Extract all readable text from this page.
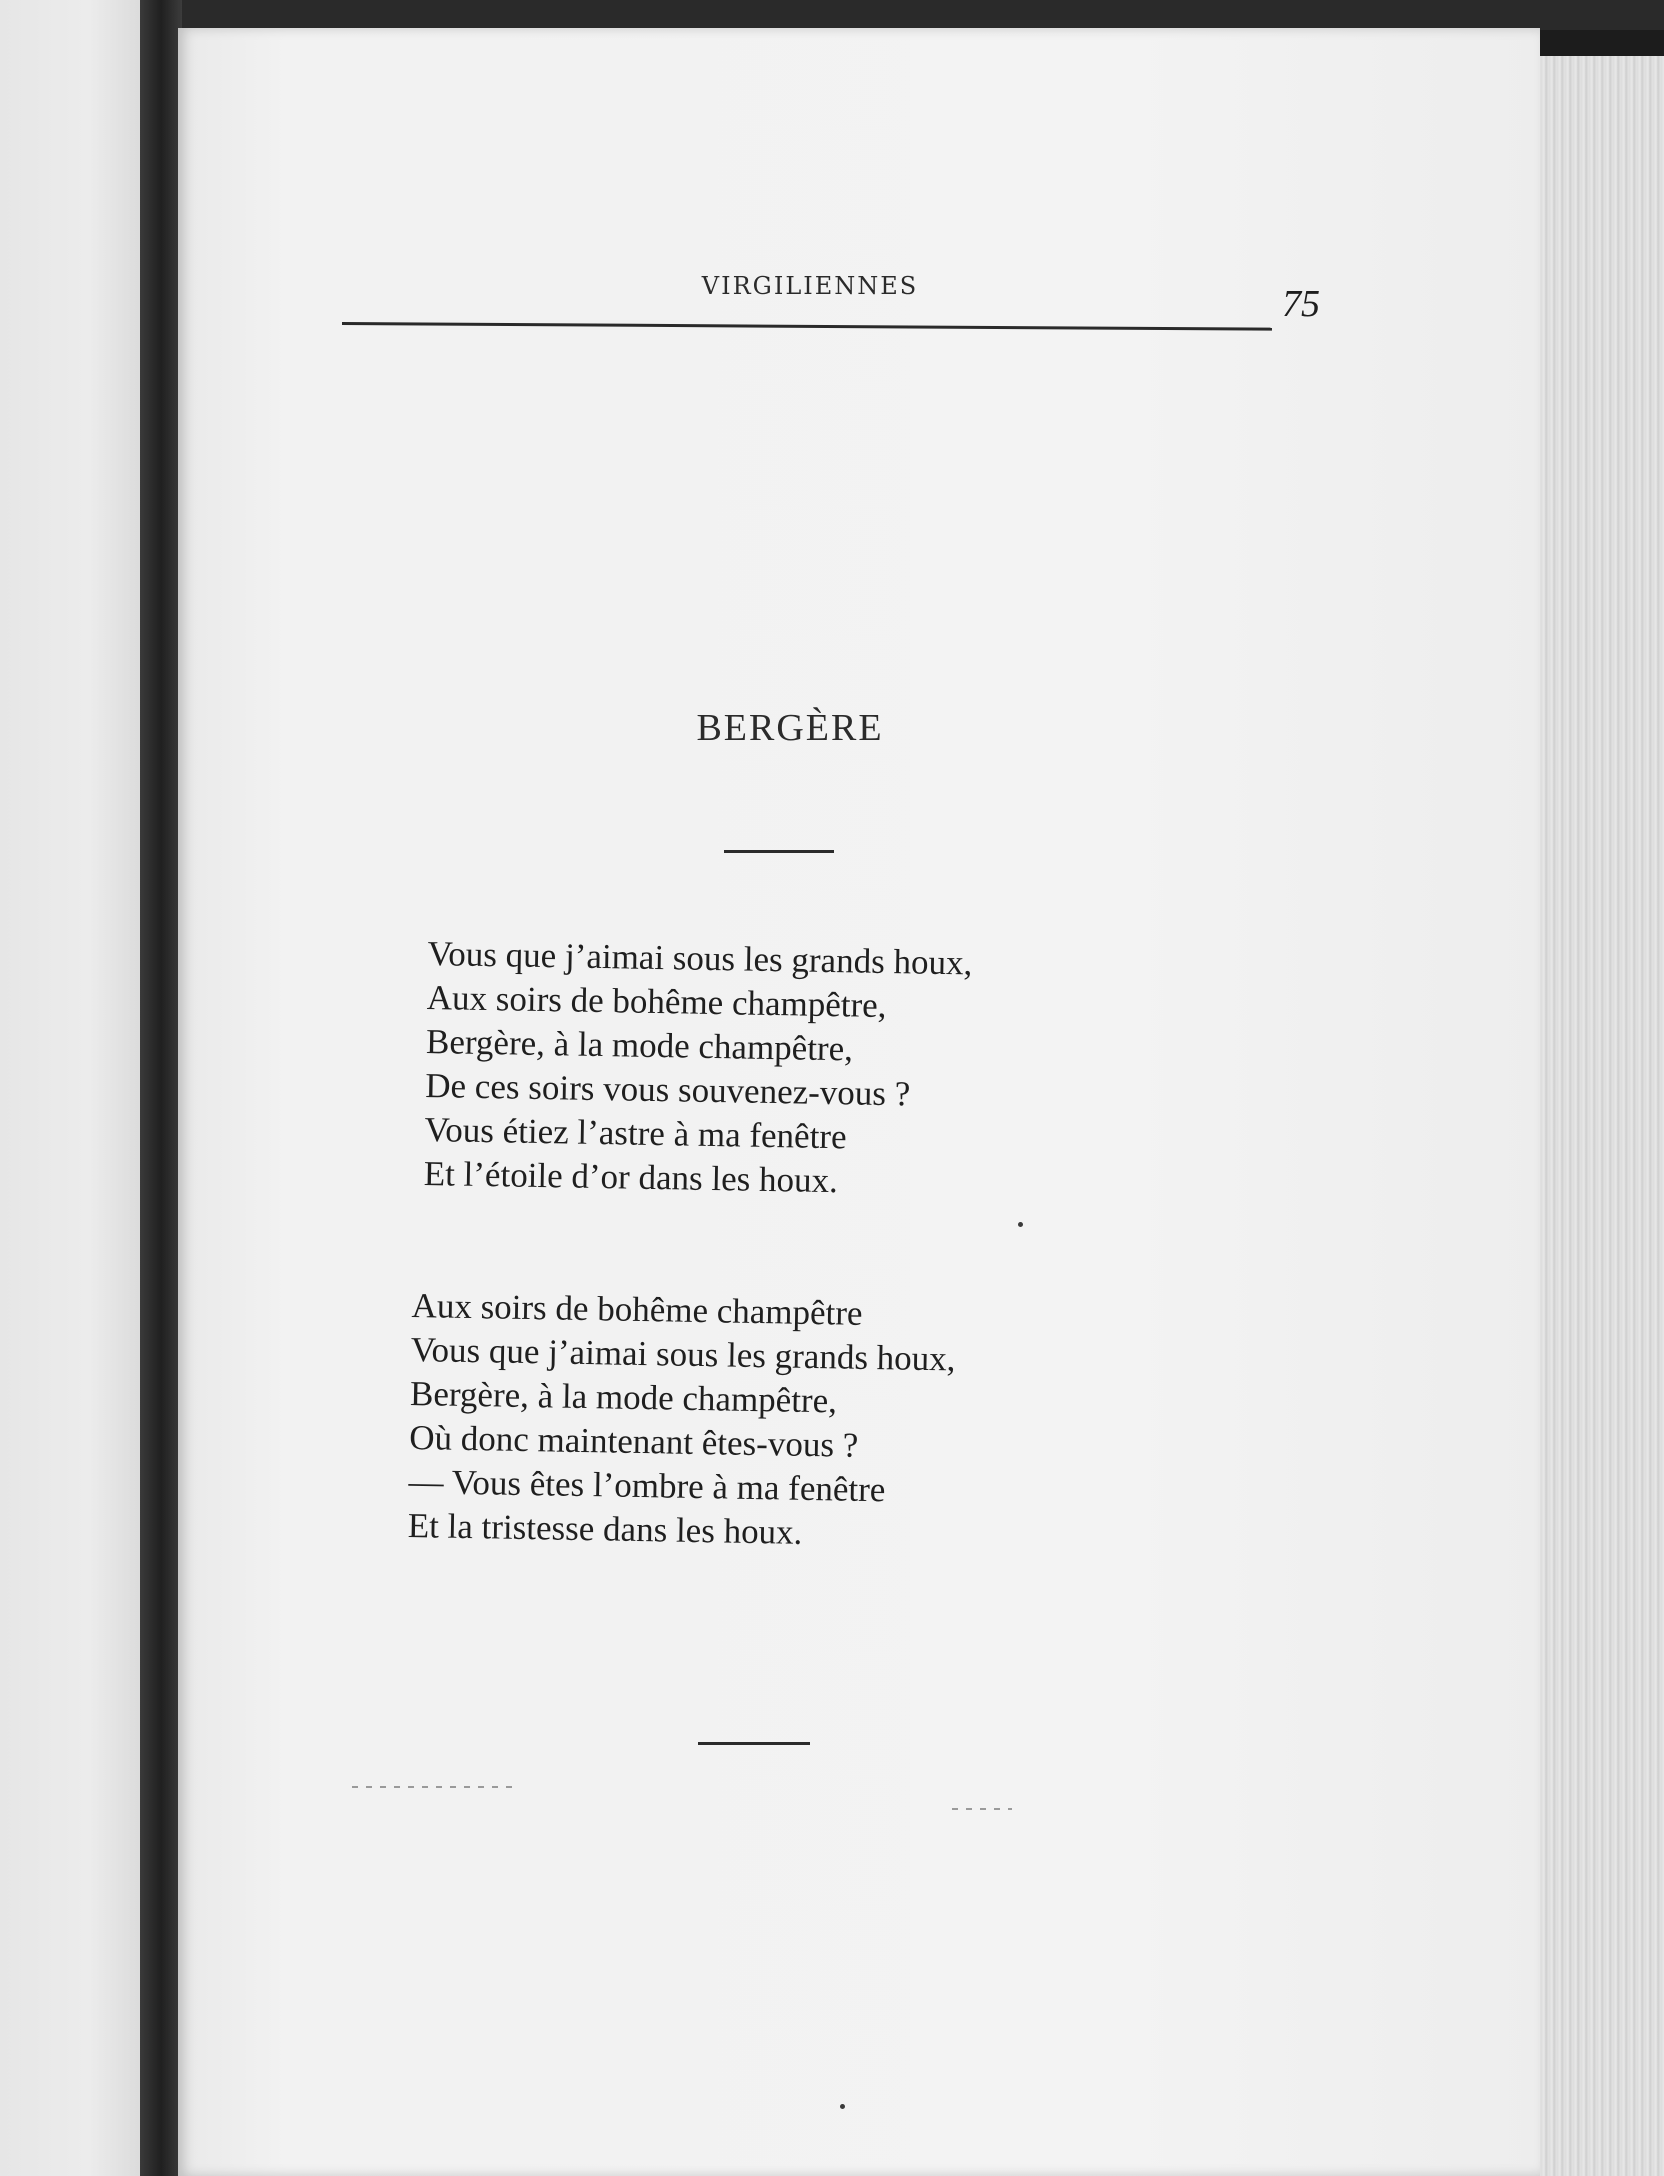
VIRGILIENNES	75
BERGÈRE
Vous que j’aimai sous les grands houx,
Aux soirs de bohême champêtre,
Bergère, à la mode champêtre,
De ces soirs vous souvenez-vous ?
Vous étiez l’astre à ma fenêtre
Et l’étoile d’or dans les houx.
Aux soirs de bohême champêtre
Vous que j’aimai sous les grands houx,
Bergère, à la mode champêtre,
Où donc maintenant êtes-vous ?
— Vous êtes l’ombre à ma fenêtre
Et la tristesse dans les houx.
